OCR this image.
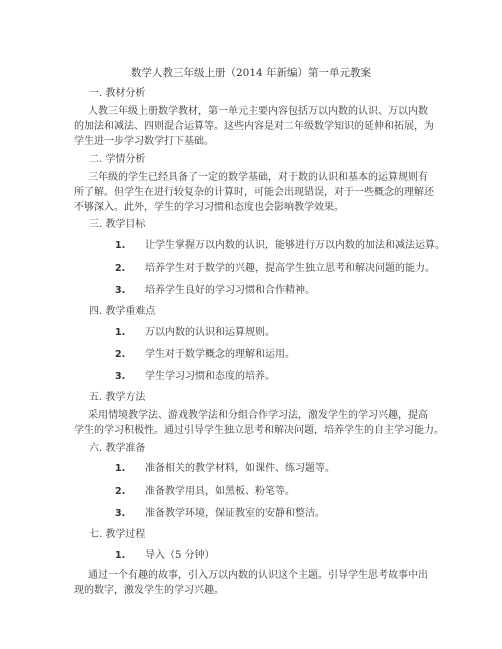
数学人教三年级上册（2014 年新编）第一单元教案
一. 教材分析
人教三年级上册数学教材，第一单元主要内容包括万以内数的认识、万以内数
的加法和减法、四则混合运算等。这些内容是对二年级数学知识的延伸和拓展，为
学生进一步学习数学打下基础。
二. 学情分析
三年级的学生已经具备了一定的数学基础，对于数的认识和基本的运算规则有
所了解。但学生在进行较复杂的计算时，可能会出现错误，对于一些概念的理解还
不够深入。此外，学生的学习习惯和态度也会影响教学效果。
三. 教学目标
1. 让学生掌握万以内数的认识，能够进行万以内数的加法和减法运算。
2. 培养学生对于数学的兴趣，提高学生独立思考和解决问题的能力。
3. 培养学生良好的学习习惯和合作精神。
四. 教学重难点
1. 万以内数的认识和运算规则。
2. 学生对于数学概念的理解和运用。
3. 学生学习习惯和态度的培养。
五. 教学方法
采用情境教学法、游戏教学法和分组合作学习法，激发学生的学习兴趣，提高
学生的学习积极性。通过引导学生独立思考和解决问题，培养学生的自主学习能力。
六. 教学准备
1. 准备相关的教学材料，如课件、练习题等。
2. 准备教学用具，如黑板、粉笔等。
3. 准备教学环境，保证教室的安静和整洁。
七. 教学过程
1. 导入（5 分钟）
通过一个有趣的故事，引入万以内数的认识这个主题。引导学生思考故事中出
现的数字，激发学生的学习兴趣。
